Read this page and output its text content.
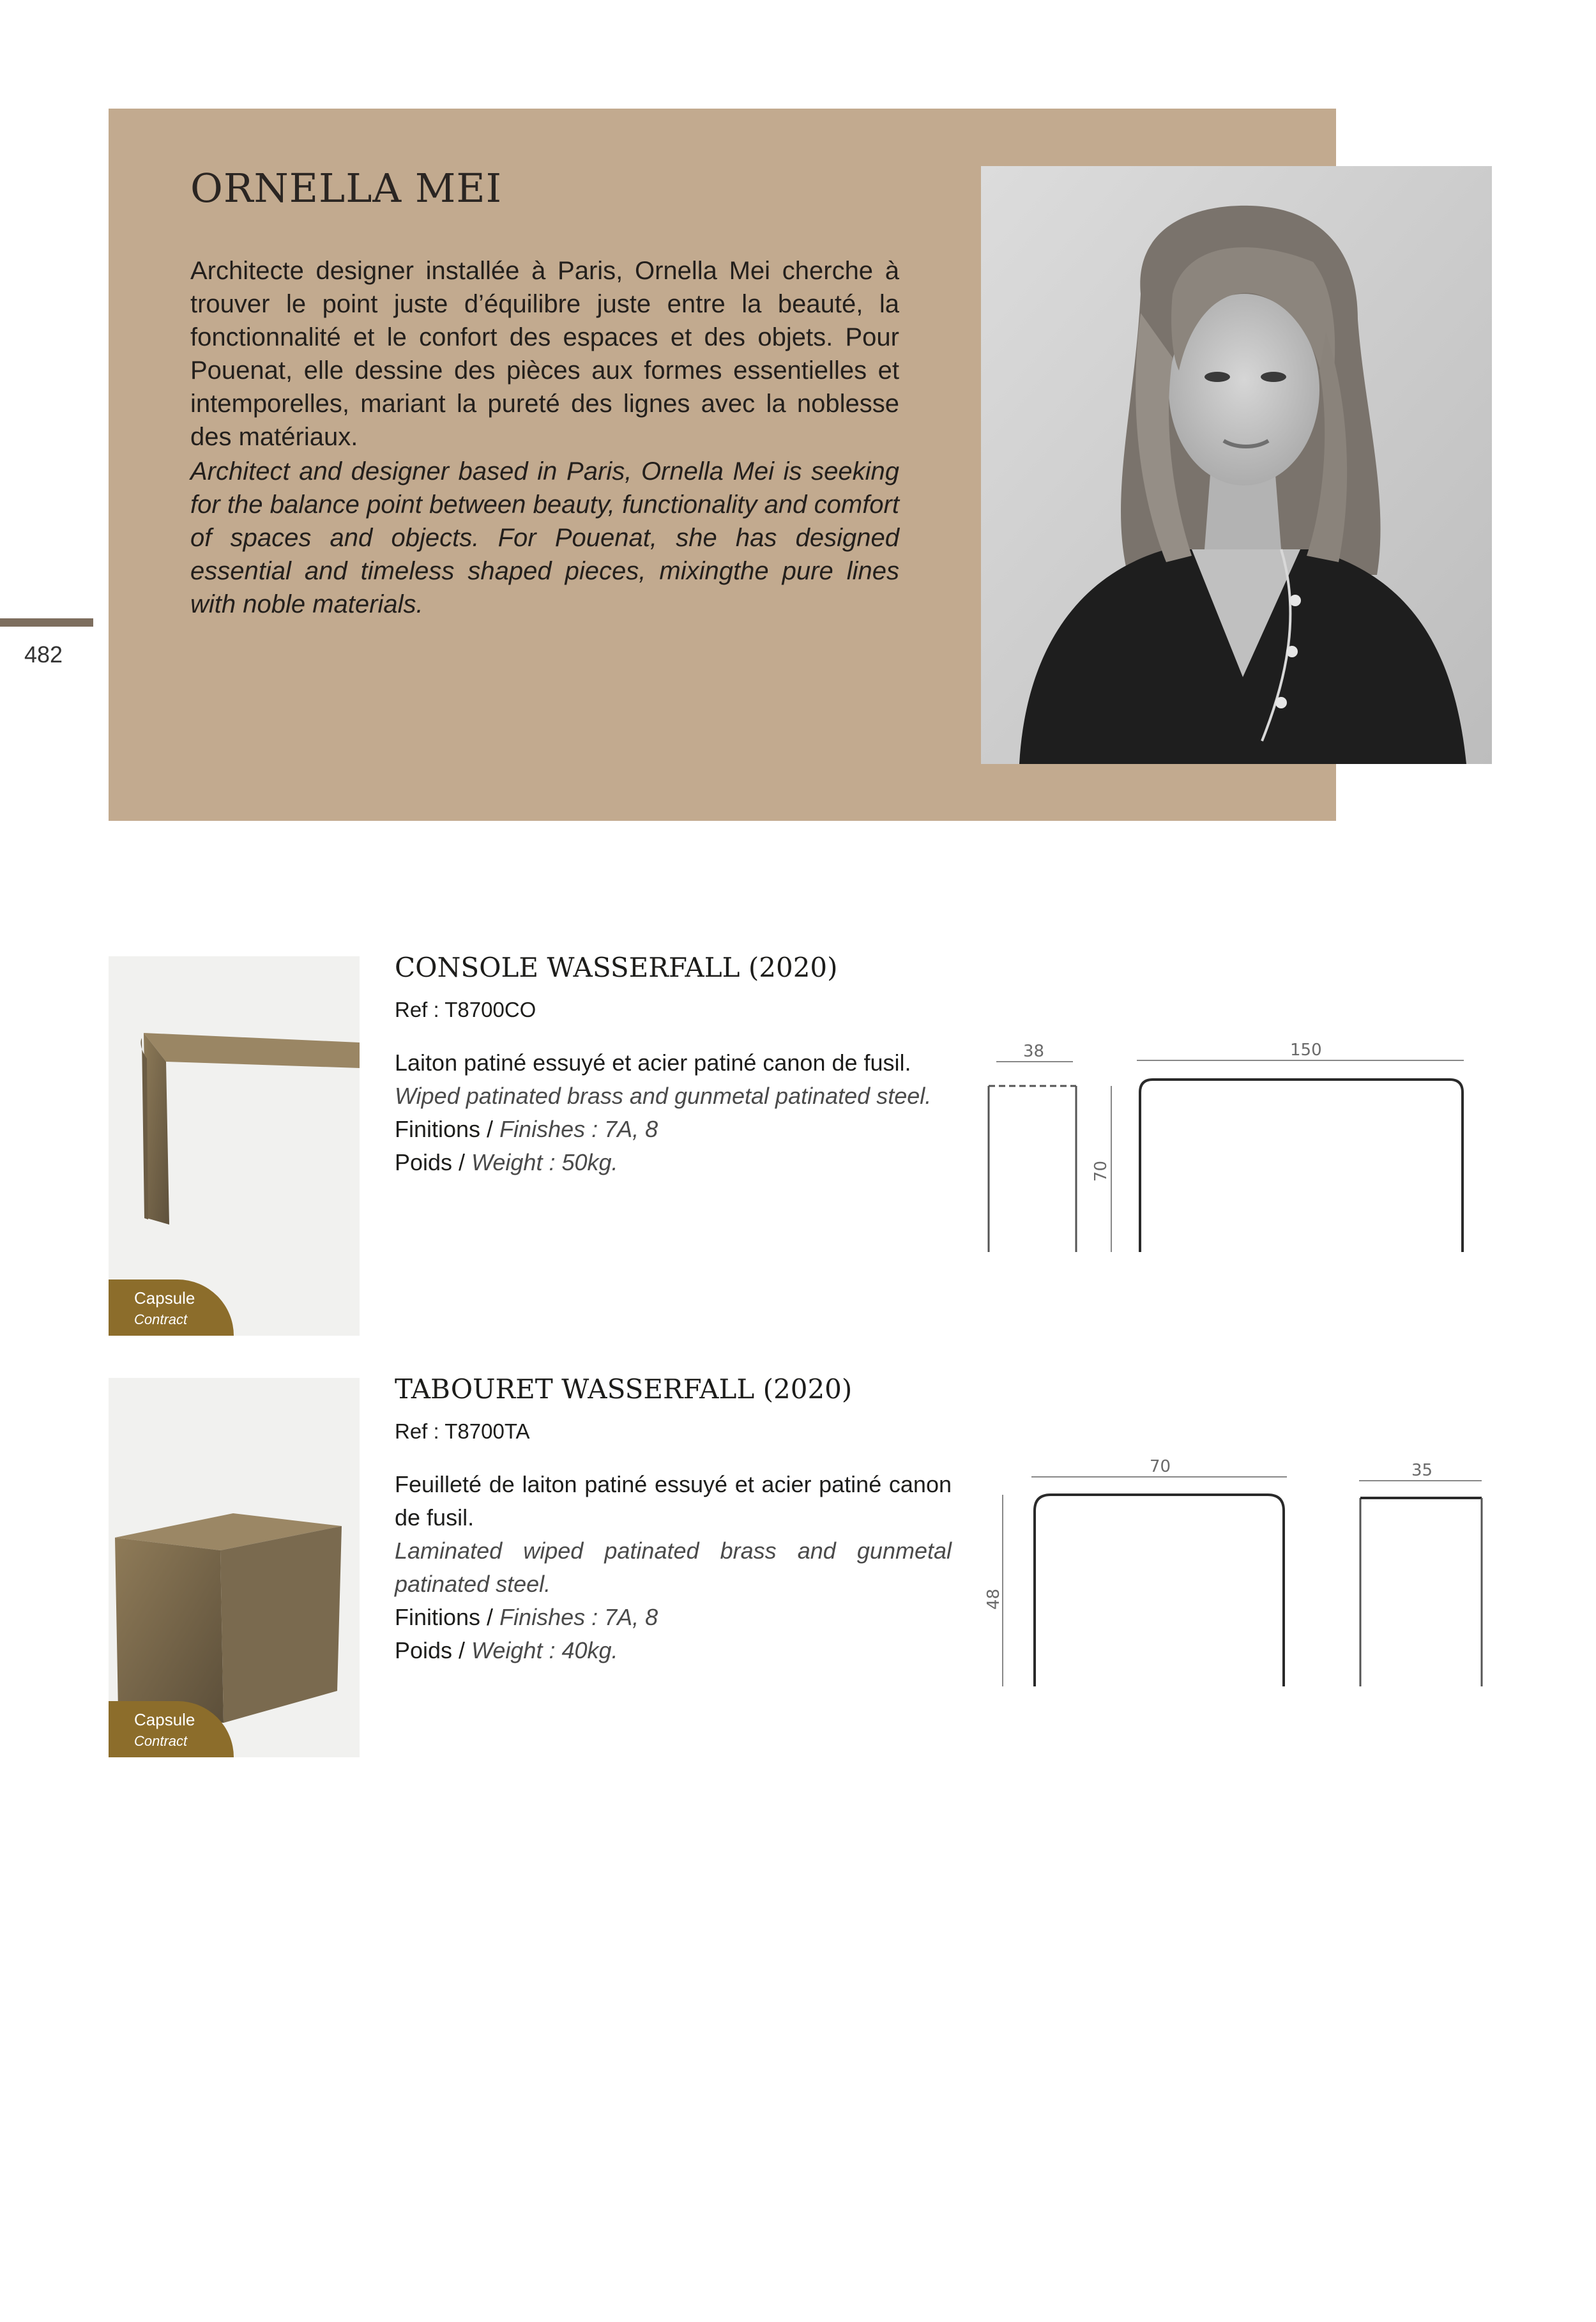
ORNELLA MEI

Architecte designer installée à Paris, Ornella Mei cherche à trouver le point juste d’équilibre juste entre la beauté, la fonctionnalité et le confort des espaces et des objets. Pour Pouenat, elle dessine des pièces aux formes essentielles et intemporelles, mariant la pureté des lignes avec la noblesse des matériaux.

Architect and designer based in Paris, Ornella Mei is seeking for the balance point between beauty, functionality and comfort of spaces and objects. For Pouenat, she has designed essential and timeless shaped pieces, mixingthe pure lines with noble materials.

482
Capsule
Contract
CONSOLE WASSERFALL (2020)
Ref : T8700CO

Laiton patiné essuyé et acier patiné canon de fusil.

Wiped patinated brass and gunmetal patinated steel.

Finitions / Finishes : 7A, 8

Poids / Weight : 50kg.

38
70
150
Capsule
Contract
TABOURET WASSERFALL (2020)
Ref : T8700TA

Feuilleté de laiton patiné essuyé et acier patiné canon de fusil.

Laminated wiped patinated brass and gunmetal patinated steel.

Finitions / Finishes : 7A, 8

Poids / Weight : 40kg.

48
70	35
